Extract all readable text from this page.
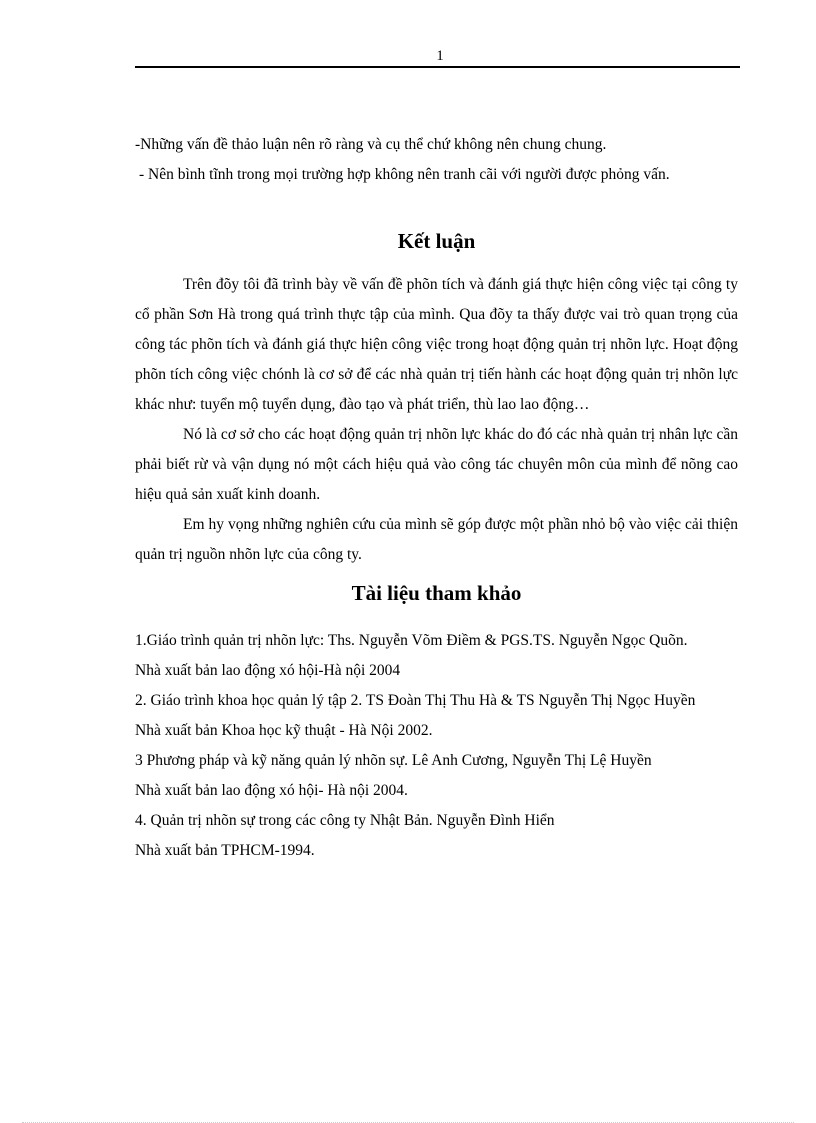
1

-Những vấn đề thảo luận nên rõ ràng và cụ thể chứ không nên chung chung.

- Nên bình tĩnh trong mọi trường hợp không nên tranh cãi với người được phỏng vấn.

Kết luận

Trên đõy tôi đã trình bày về vấn đề phõn tích và đánh giá thực hiện công việc tại công ty cổ phần Sơn Hà trong quá trình thực tập của mình. Qua đõy ta thấy được vai trò quan trọng của công tác phõn tích và đánh giá thực hiện công việc trong hoạt động quản trị nhõn lực. Hoạt động phõn tích công việc chónh là cơ sở để các nhà quản trị tiến hành các hoạt động quản trị nhõn lực khác như: tuyển mộ tuyển dụng, đào tạo và phát triển, thù lao lao động…

Nó là cơ sở cho các hoạt động quản trị nhõn lực khác do đó các nhà quản trị nhân lực cần phải biết rừ và vận dụng nó một cách hiệu quả vào công tác chuyên môn của mình để nõng cao hiệu quả sản xuất kinh doanh.

Em hy vọng những nghiên cứu của mình sẽ góp được một phần nhỏ bộ vào việc cải thiện quản trị nguồn nhõn lực của công ty.

Tài liệu tham khảo

1.Giáo trình quản trị nhõn lực: Ths. Nguyễn Võm Điềm & PGS.TS. Nguyễn Ngọc Quõn.

Nhà xuất bản lao động xó hội-Hà nội 2004

2. Giáo trình khoa học quản lý tập 2. TS Đoàn Thị Thu Hà & TS Nguyễn Thị Ngọc Huyền

Nhà xuất bản Khoa học kỹ thuật - Hà Nội 2002.

3 Phương pháp và kỹ năng quản lý nhõn sự. Lê Anh Cương, Nguyễn Thị Lệ Huyền

Nhà xuất bản lao động xó hội- Hà nội 2004.

4. Quản trị nhõn sự trong các công ty Nhật Bản. Nguyễn Đình Hiển

Nhà xuất bản TPHCM-1994.
